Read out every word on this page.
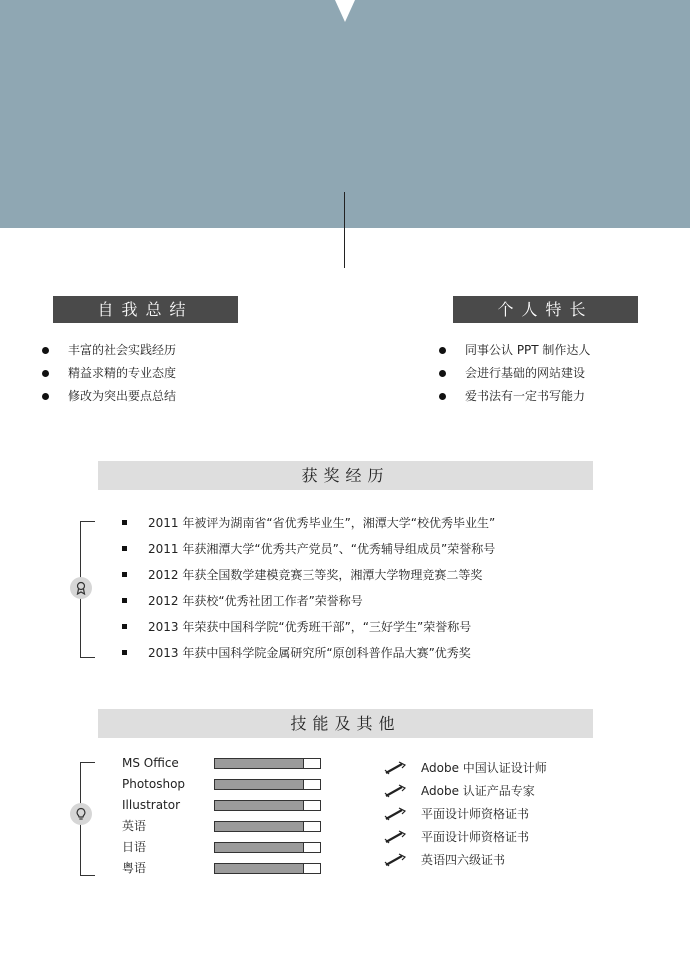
自我总结
丰富的社会实践经历
精益求精的专业态度
修改为突出要点总结
个人特长
同事公认 PPT 制作达人
会进行基础的网站建设
爱书法有一定书写能力
获奖经历
2011 年被评为湖南省“省优秀毕业生”，湘潭大学“校优秀毕业生”
2011 年获湘潭大学“优秀共产党员”、“优秀辅导组成员”荣誉称号
2012 年获全国数学建模竞赛三等奖，湘潭大学物理竞赛二等奖
2012 年获校“优秀社团工作者”荣誉称号
2013 年荣获中国科学院“优秀班干部”，“三好学生”荣誉称号
2013 年获中国科学院金属研究所“原创科普作品大赛”优秀奖
技能及其他
MS Office
Photoshop
Illustrator
英语
日语
粤语
Adobe 中国认证设计师
Adobe 认证产品专家
平面设计师资格证书
平面设计师资格证书
英语四六级证书
